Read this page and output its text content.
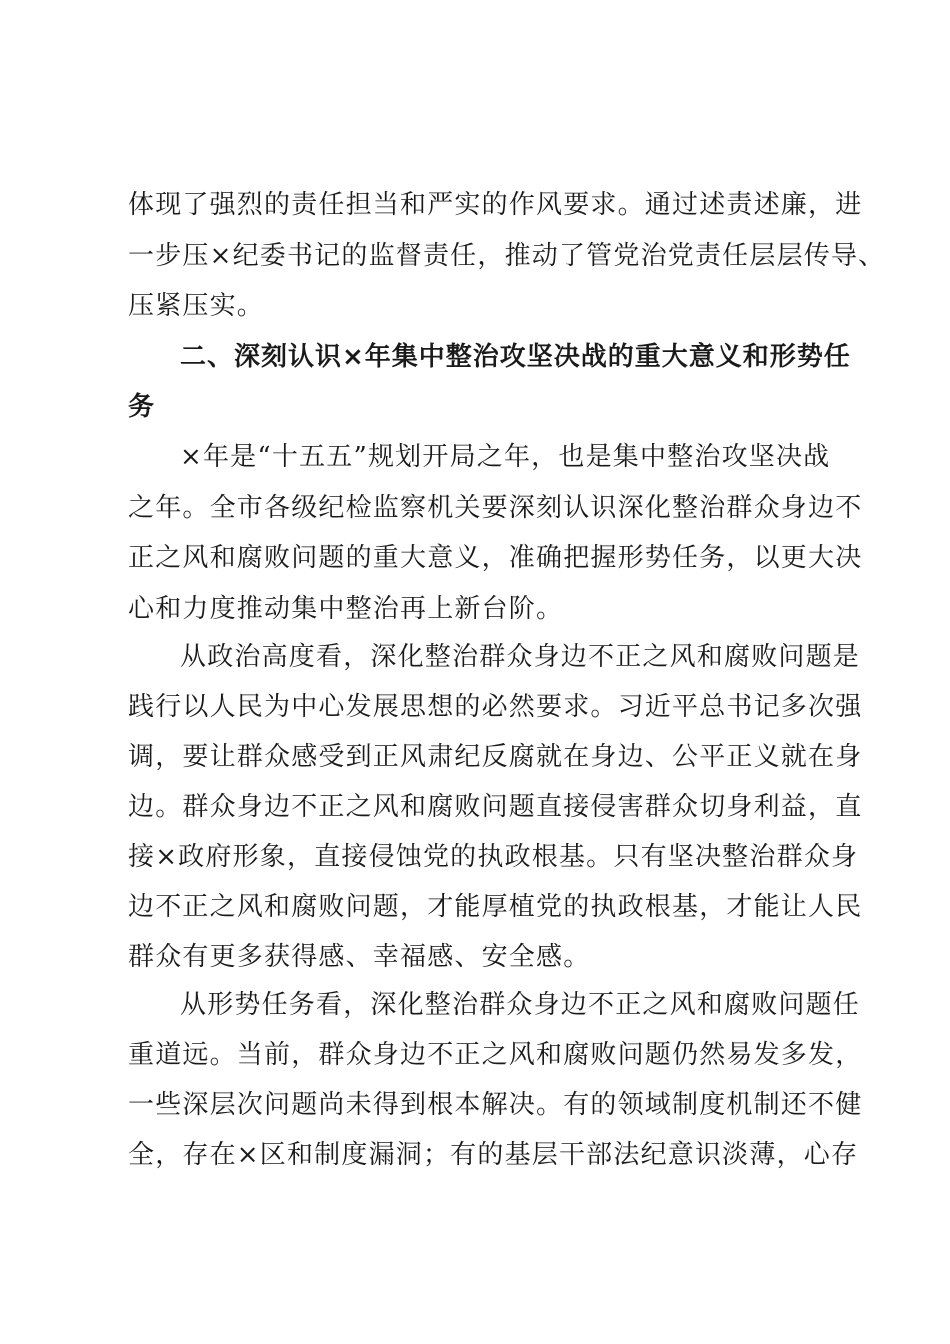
体现了强烈的责任担当和严实的作风要求。通过述责述廉，进
一步压×纪委书记的监督责任，推动了管党治党责任层层传导、
压紧压实。
二、深刻认识×年集中整治攻坚决战的重大意义和形势任
务
×年是“十五五”规划开局之年，也是集中整治攻坚决战
之年。全市各级纪检监察机关要深刻认识深化整治群众身边不
正之风和腐败问题的重大意义，准确把握形势任务，以更大决
心和力度推动集中整治再上新台阶。
从政治高度看，深化整治群众身边不正之风和腐败问题是
践行以人民为中心发展思想的必然要求。习近平总书记多次强
调，要让群众感受到正风肃纪反腐就在身边、公平正义就在身
边。群众身边不正之风和腐败问题直接侵害群众切身利益，直
接×政府形象，直接侵蚀党的执政根基。只有坚决整治群众身
边不正之风和腐败问题，才能厚植党的执政根基，才能让人民
群众有更多获得感、幸福感、安全感。
从形势任务看，深化整治群众身边不正之风和腐败问题任
重道远。当前，群众身边不正之风和腐败问题仍然易发多发，
一些深层次问题尚未得到根本解决。有的领域制度机制还不健
全，存在×区和制度漏洞；有的基层干部法纪意识淡薄，心存
